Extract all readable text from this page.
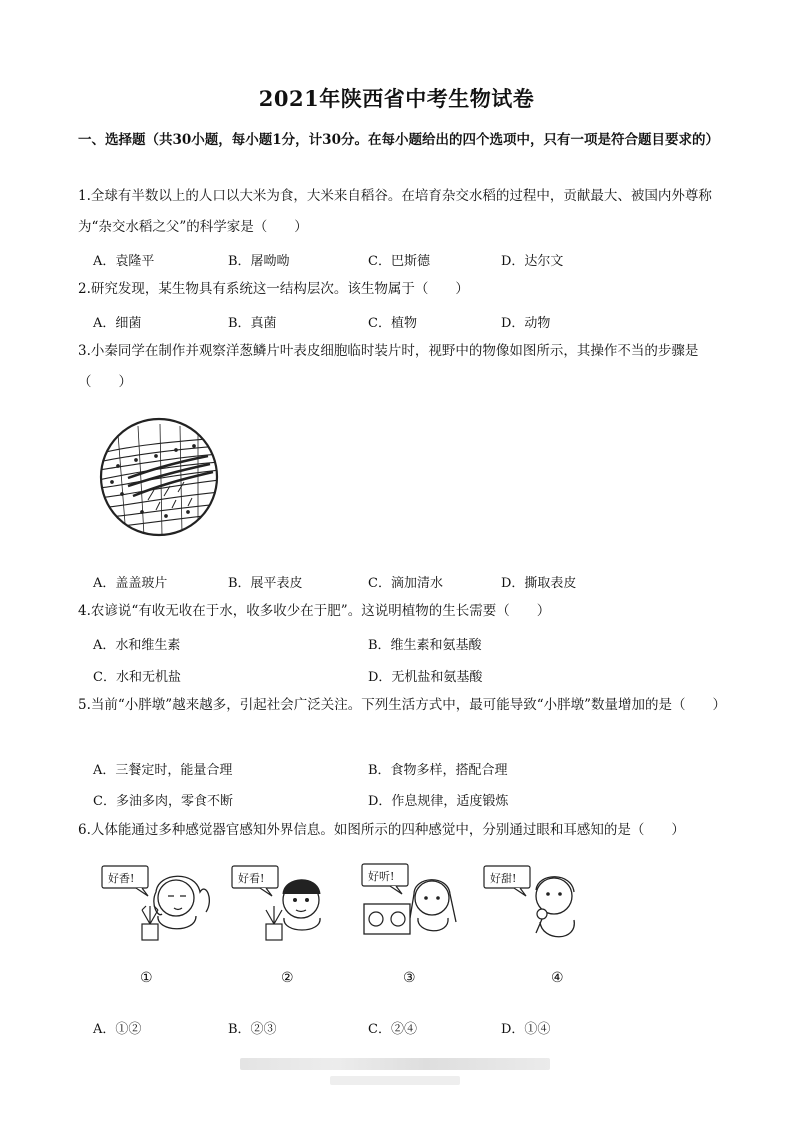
2021年陕西省中考生物试卷
一、选择题（共30小题，每小题1分，计30分。在每小题给出的四个选项中，只有一项是符合题目要求的）
1.全球有半数以上的人口以大米为食，大米来自稻谷。在培育杂交水稻的过程中，贡献最大、被国内外尊称为“杂交水稻之父”的科学家是（　　）
A．袁隆平	B．屠呦呦	C．巴斯德	D．达尔文
2.研究发现，某生物具有系统这一结构层次。该生物属于（　　）
A．细菌	B．真菌	C．植物	D．动物
3.小秦同学在制作并观察洋葱鳞片叶表皮细胞临时装片时，视野中的物像如图所示，其操作不当的步骤是（　　）
A．盖盖玻片	B．展平表皮	C．滴加清水	D．撕取表皮
4.农谚说“有收无收在于水，收多收少在于肥”。这说明植物的生长需要（　　）
A．水和维生素	B．维生素和氨基酸
C．水和无机盐	D．无机盐和氨基酸
5.当前“小胖墩”越来越多，引起社会广泛关注。下列生活方式中，最可能导致“小胖墩”数量增加的是（　　）
A．三餐定时，能量合理	B．食物多样，搭配合理
C．多油多肉，零食不断	D．作息规律，适度锻炼
6.人体能通过多种感觉器官感知外界信息。如图所示的四种感觉中，分别通过眼和耳感知的是（　　）
好香!	好看!	好听!	好甜!
①	②	③	④
A．①②	B．②③	C．②④	D．①④
